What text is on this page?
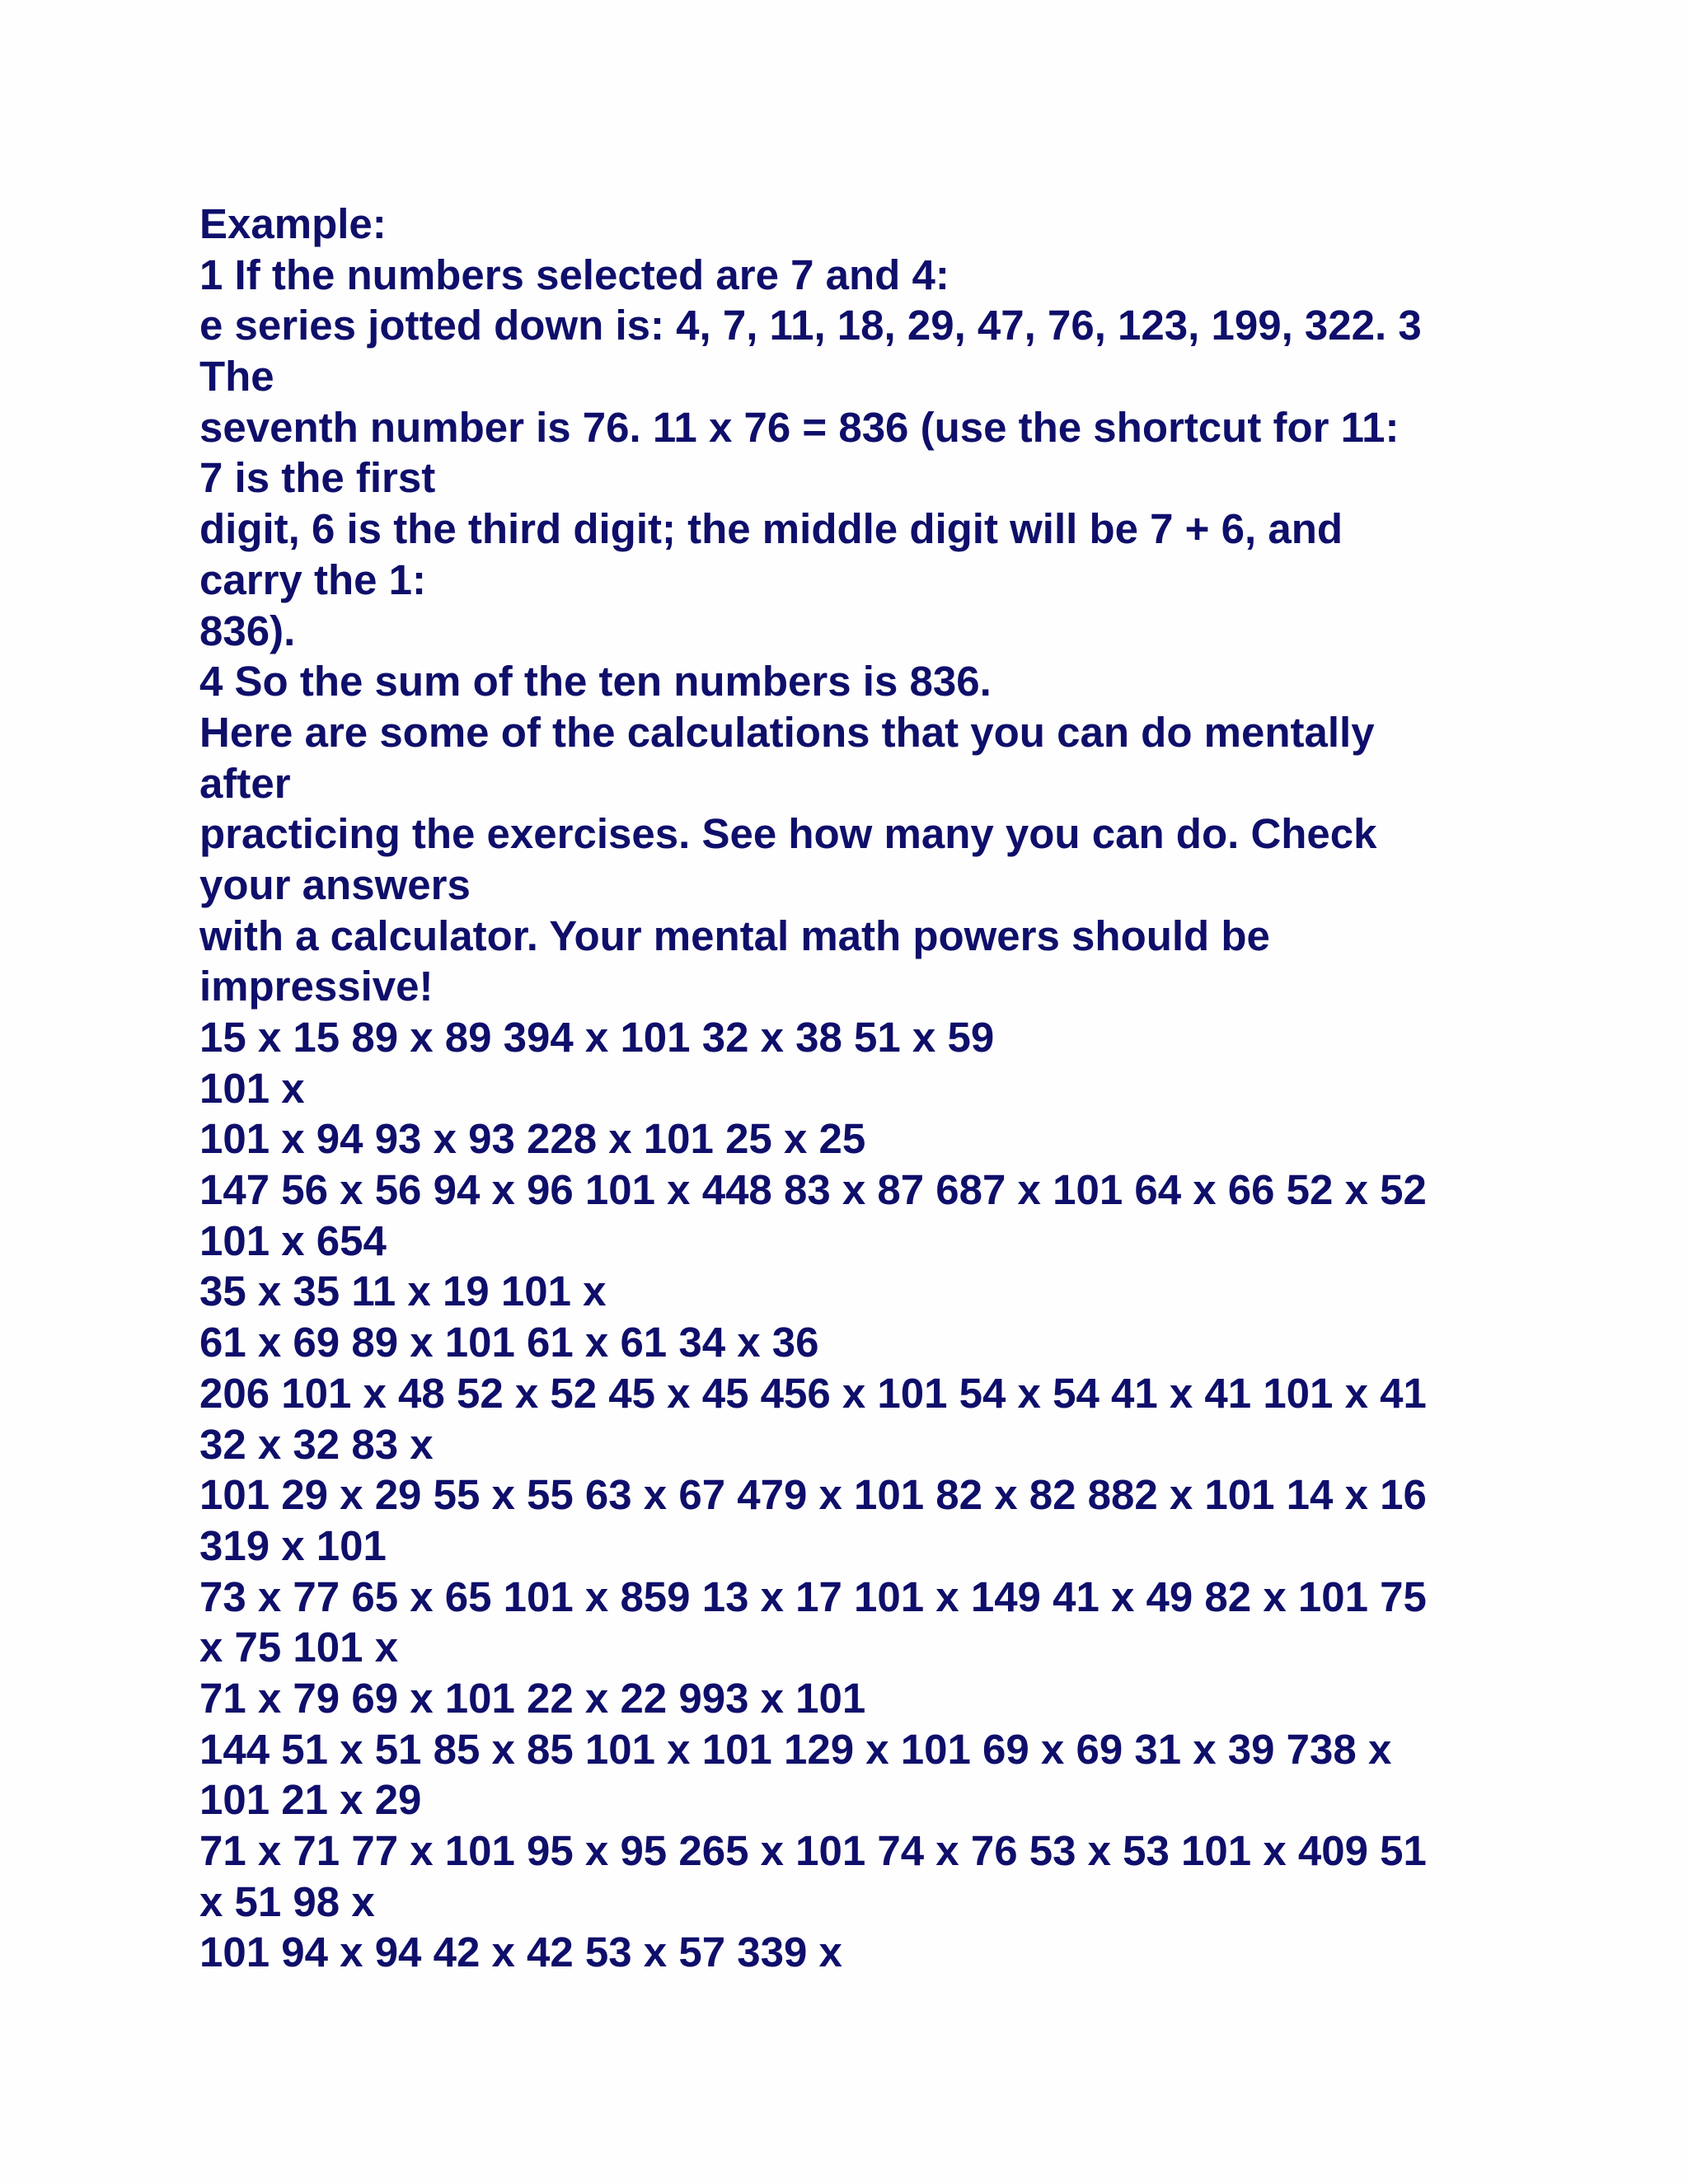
Example:
1 If the numbers selected are 7 and 4:
e series jotted down is: 4, 7, 11, 18, 29, 47, 76, 123, 199, 322. 3
The
seventh number is 76. 11 x 76 = 836 (use the shortcut for 11:
7 is the first
digit, 6 is the third digit; the middle digit will be 7 + 6, and
carry the 1:
836).
4 So the sum of the ten numbers is 836.
Here are some of the calculations that you can do mentally
after
practicing the exercises. See how many you can do. Check
your answers
with a calculator. Your mental math powers should be
impressive!
15 x 15 89 x 89 394 x 101 32 x 38 51 x 59
101 x
101 x 94 93 x 93 228 x 101 25 x 25
147 56 x 56 94 x 96 101 x 448 83 x 87 687 x 101 64 x 66 52 x 52
101 x 654
35 x 35 11 x 19 101 x
61 x 69 89 x 101 61 x 61 34 x 36
206 101 x 48 52 x 52 45 x 45 456 x 101 54 x 54 41 x 41 101 x 41
32 x 32 83 x
101 29 x 29 55 x 55 63 x 67 479 x 101 82 x 82 882 x 101 14 x 16
319 x 101
73 x 77 65 x 65 101 x 859 13 x 17 101 x 149 41 x 49 82 x 101 75
x 75 101 x
71 x 79 69 x 101 22 x 22 993 x 101
144 51 x 51 85 x 85 101 x 101 129 x 101 69 x 69 31 x 39 738 x
101 21 x 29
71 x 71 77 x 101 95 x 95 265 x 101 74 x 76 53 x 53 101 x 409 51
x 51 98 x
101 94 x 94 42 x 42 53 x 57 339 x
